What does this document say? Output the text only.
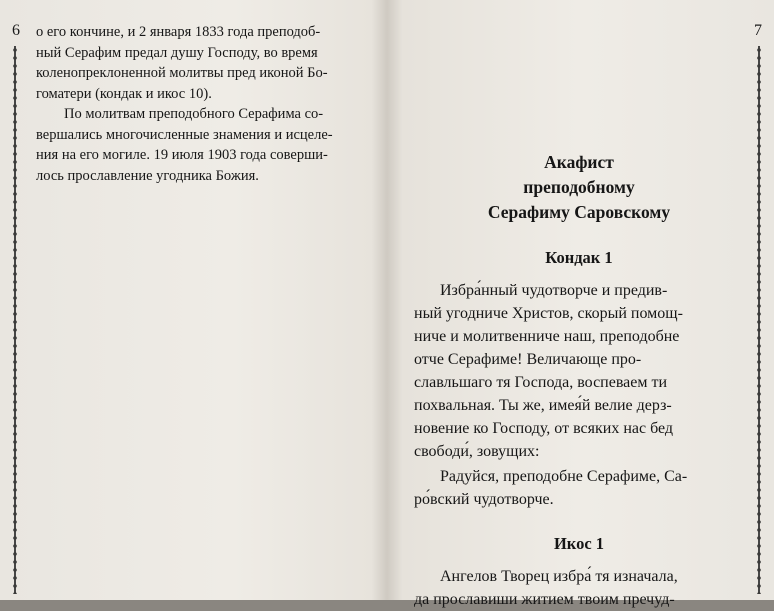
6 о его кончине, и 2 января 1833 года преподоб-

ный Серафим предал душу Господу, во время

коленопреклоненной молитвы пред иконой Бо-

гоматери (кондак и икос 10).

По молитвам преподобного Серафима со-

вершались многочисленные знамения и исцеле-

ния на его могиле. 19 июля 1903 года соверши-

лось прославление угодника Божия.

7

Акафист

преподобному

Серафиму Саровскому

Кондак 1

Избра́нный чудотворче и предив-

ный угодниче Христов, скорый помощ-

ниче и молитвенниче наш, преподобне

отче Серафиме! Величающе про-

славльшаго тя Господа, воспеваем ти

похвальная. Ты же, имея́й велие дерз-

новение ко Господу, от всяких нас бед

свободи́, зовущих:

Радуйся, преподобне Серафиме, Са-

ро́вский чудотворче.

Икос 1

Ангелов Творец избра́ тя изначала,

да прославиши житием твоим пречуд-
